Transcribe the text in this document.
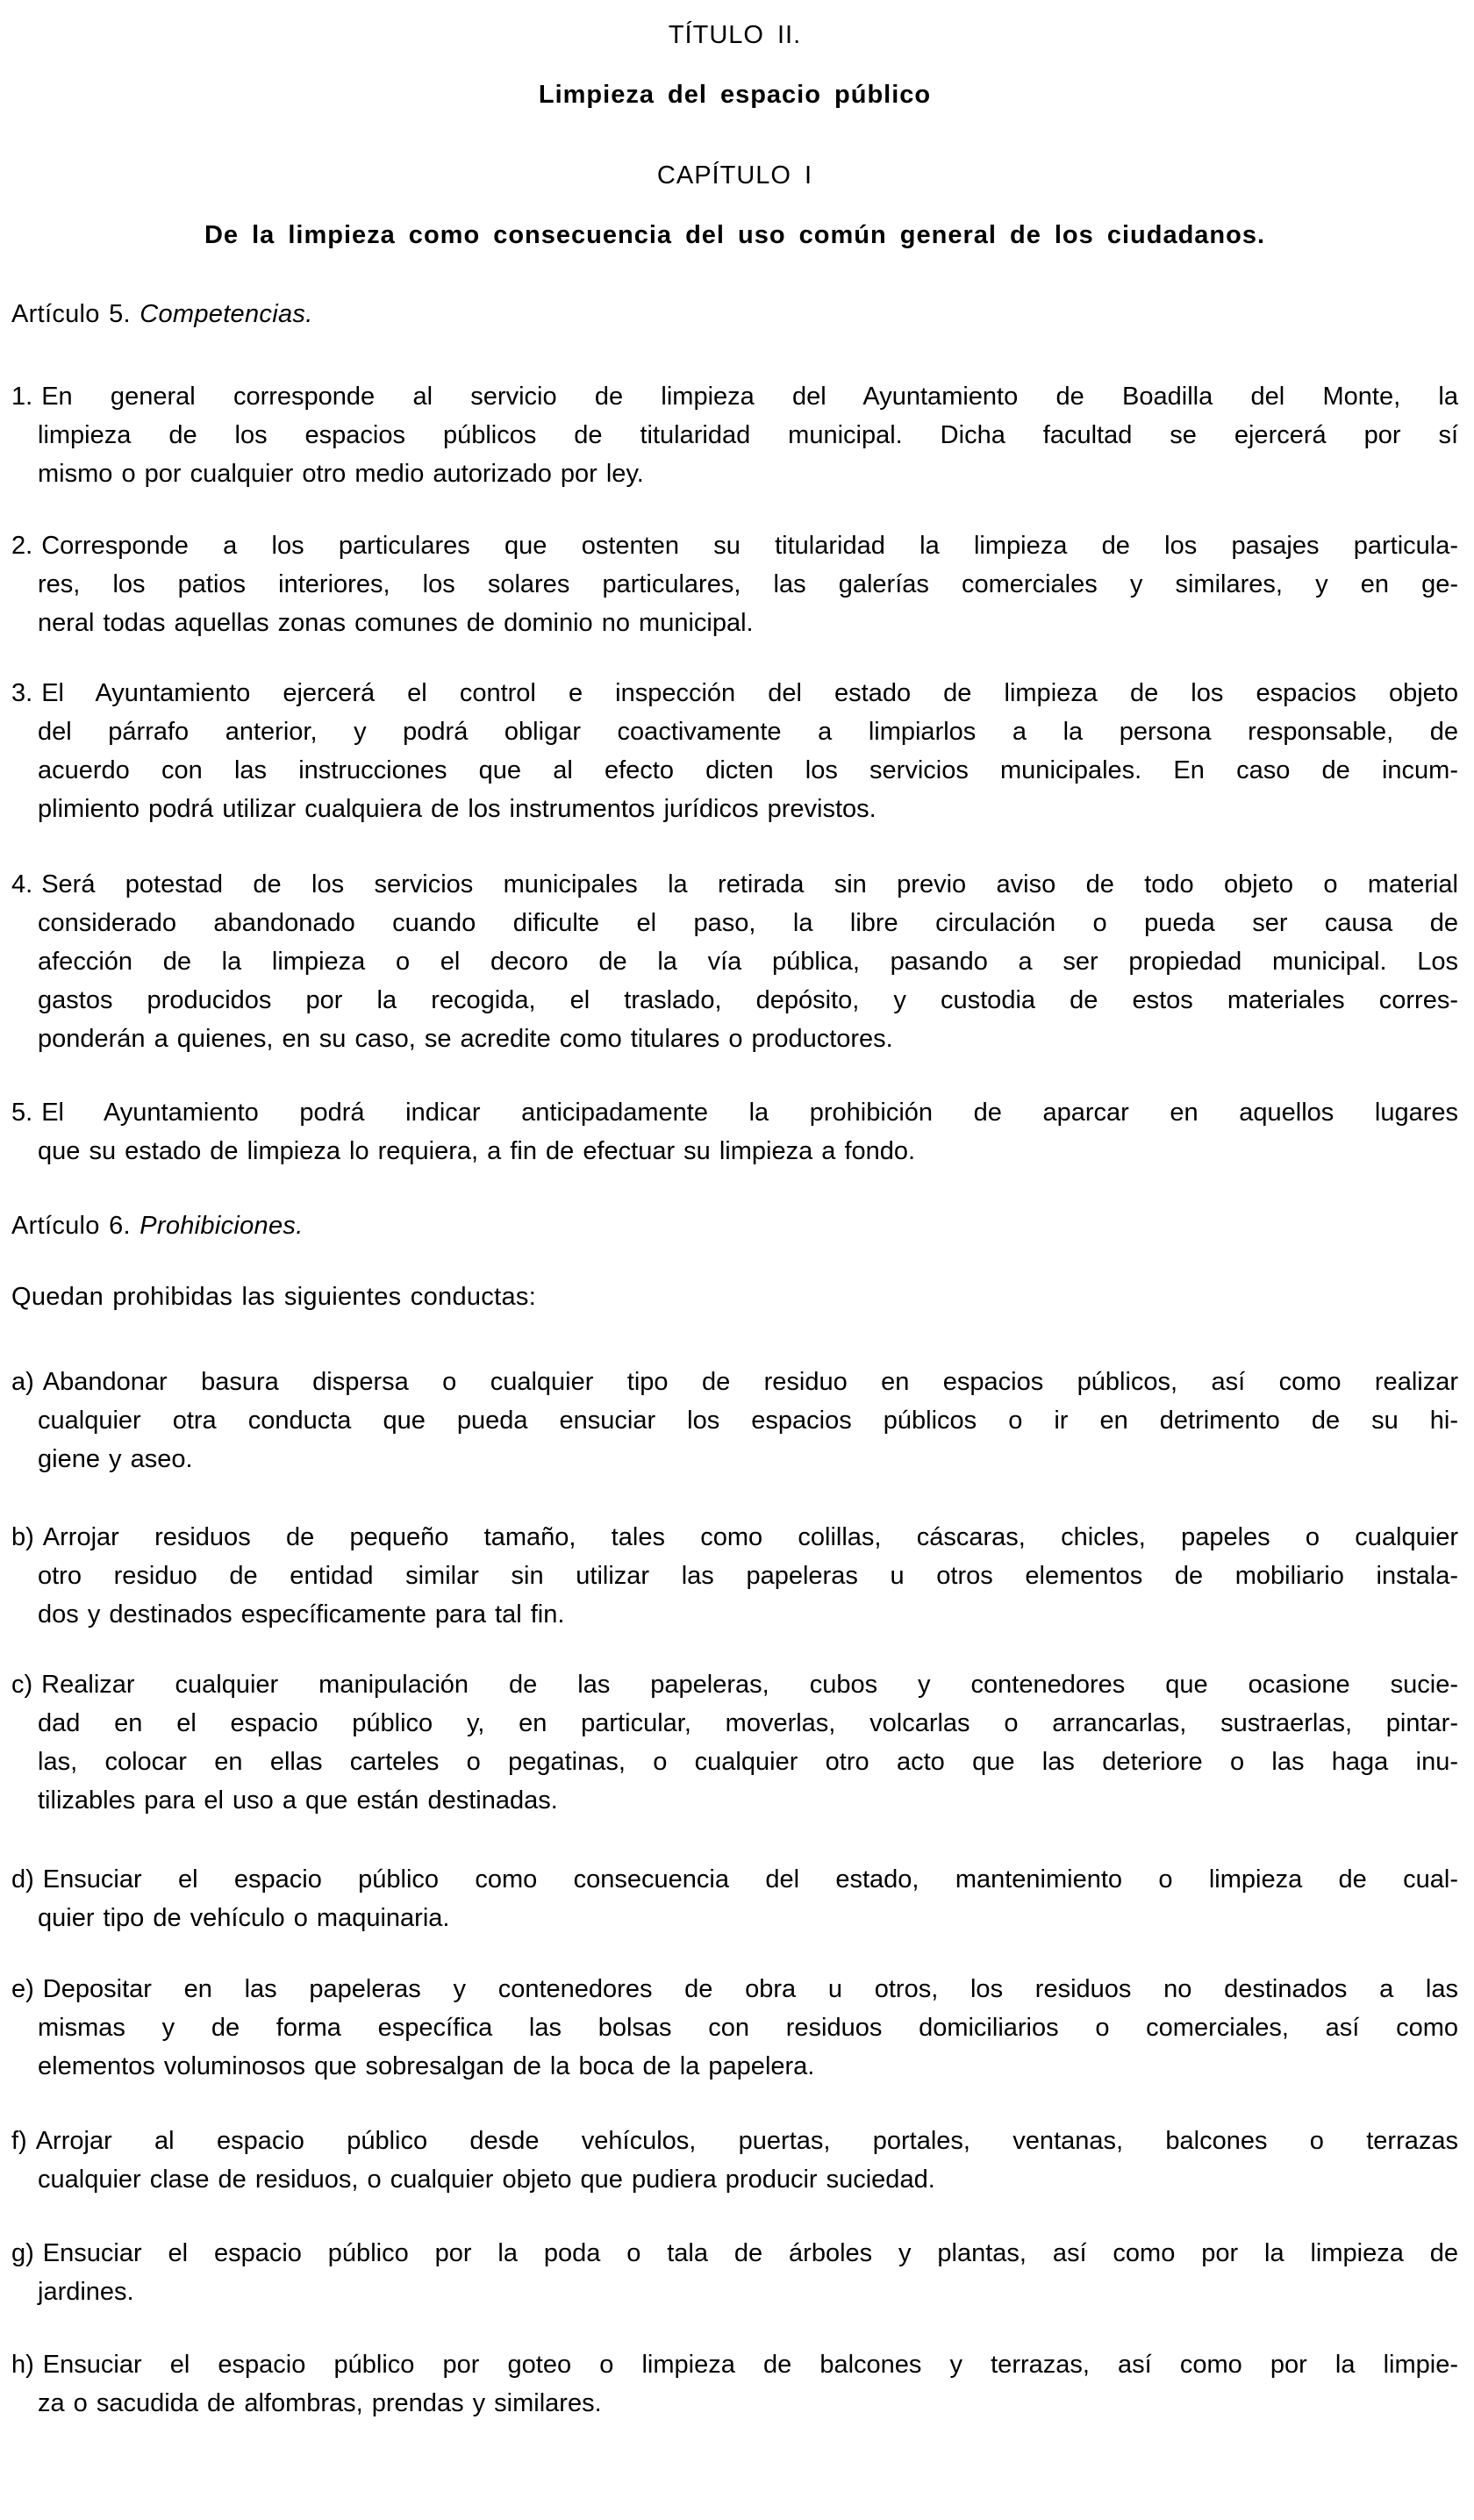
TÍTULO II.
Limpieza del espacio público
CAPÍTULO I
De la limpieza como consecuencia del uso común general de los ciudadanos.
Artículo 5. Competencias.
1. En general corresponde al servicio de limpieza del Ayuntamiento de Boadilla del Monte, la
limpieza de los espacios públicos de titularidad municipal. Dicha facultad se ejercerá por sí
mismo o por cualquier otro medio autorizado por ley.
2. Corresponde a los particulares que ostenten su titularidad la limpieza de los pasajes particula-
res, los patios interiores, los solares particulares, las galerías comerciales y similares, y en ge-
neral todas aquellas zonas comunes de dominio no municipal.
3. El Ayuntamiento ejercerá el control e inspección del estado de limpieza de los espacios objeto
del párrafo anterior, y podrá obligar coactivamente a limpiarlos a la persona responsable, de
acuerdo con las instrucciones que al efecto dicten los servicios municipales. En caso de incum-
plimiento podrá utilizar cualquiera de los instrumentos jurídicos previstos.
4. Será potestad de los servicios municipales la retirada sin previo aviso de todo objeto o material
considerado abandonado cuando dificulte el paso, la libre circulación o pueda ser causa de
afección de la limpieza o el decoro de la vía pública, pasando a ser propiedad municipal. Los
gastos producidos por la recogida, el traslado, depósito, y custodia de estos materiales corres-
ponderán a quienes, en su caso, se acredite como titulares o productores.
5. El Ayuntamiento podrá indicar anticipadamente la prohibición de aparcar en aquellos lugares
que su estado de limpieza lo requiera, a fin de efectuar su limpieza a fondo.
Artículo 6. Prohibiciones.
Quedan prohibidas las siguientes conductas:
a) Abandonar basura dispersa o cualquier tipo de residuo en espacios públicos, así como realizar
cualquier otra conducta que pueda ensuciar los espacios públicos o ir en detrimento de su hi-
giene y aseo.
b) Arrojar residuos de pequeño tamaño, tales como colillas, cáscaras, chicles, papeles o cualquier
otro residuo de entidad similar sin utilizar las papeleras u otros elementos de mobiliario instala-
dos y destinados específicamente para tal fin.
c) Realizar cualquier manipulación de las papeleras, cubos y contenedores que ocasione sucie-
dad en el espacio público y, en particular, moverlas, volcarlas o arrancarlas, sustraerlas, pintar-
las, colocar en ellas carteles o pegatinas, o cualquier otro acto que las deteriore o las haga inu-
tilizables para el uso a que están destinadas.
d) Ensuciar el espacio público como consecuencia del estado, mantenimiento o limpieza de cual-
quier tipo de vehículo o maquinaria.
e) Depositar en las papeleras y contenedores de obra u otros, los residuos no destinados a las
mismas y de forma específica las bolsas con residuos domiciliarios o comerciales, así como
elementos voluminosos que sobresalgan de la boca de la papelera.
f) Arrojar al espacio público desde vehículos, puertas, portales, ventanas, balcones o terrazas
cualquier clase de residuos, o cualquier objeto que pudiera producir suciedad.
g) Ensuciar el espacio público por la poda o tala de árboles y plantas, así como por la limpieza de
jardines.
h) Ensuciar el espacio público por goteo o limpieza de balcones y terrazas, así como por la limpie-
za o sacudida de alfombras, prendas y similares.
